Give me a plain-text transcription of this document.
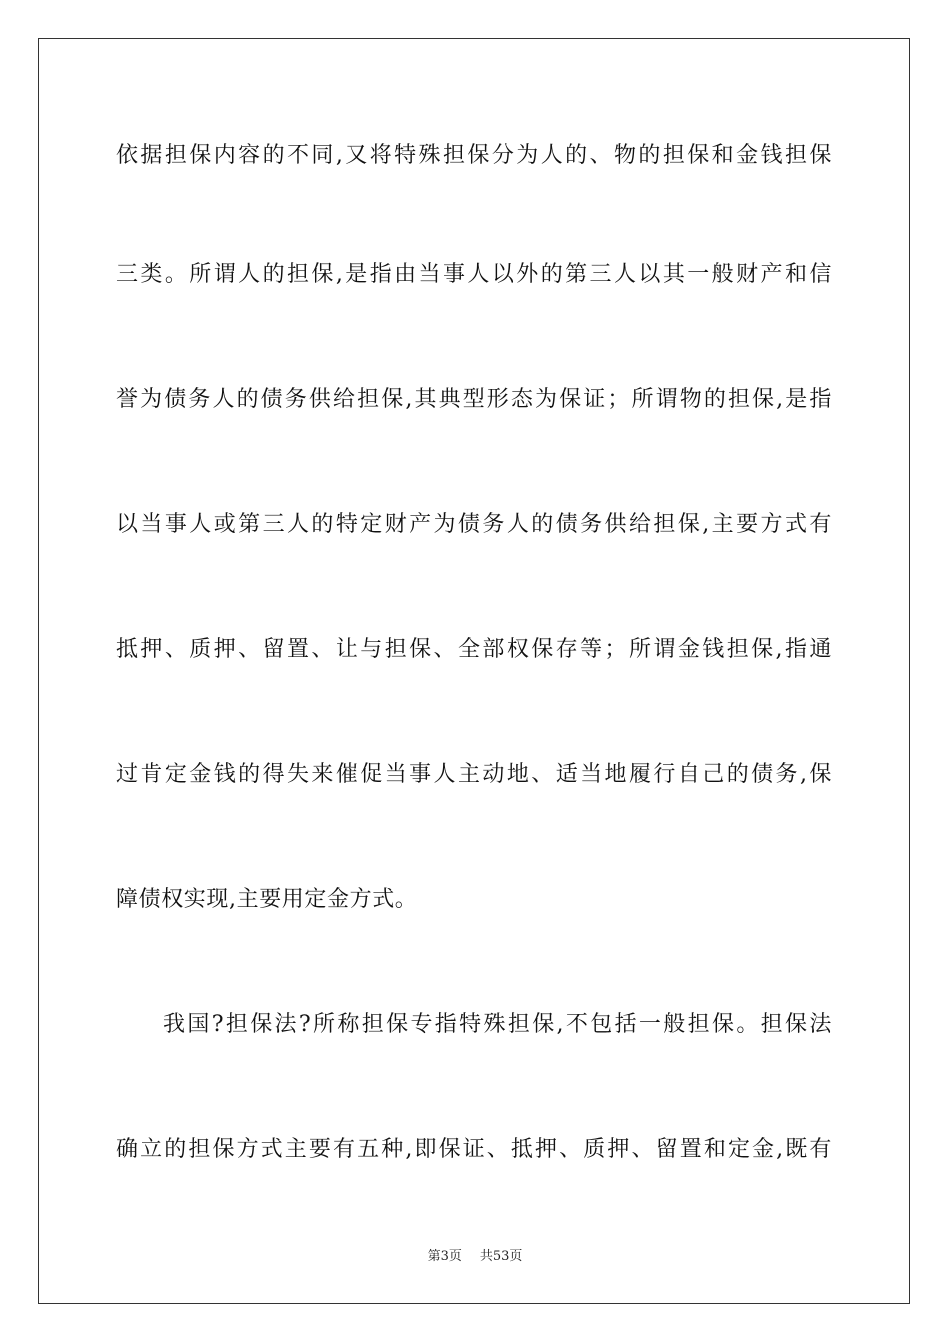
依据担保内容的不同,又将特殊担保分为人的、物的担保和金钱担保
三类。所谓人的担保,是指由当事人以外的第三人以其一般财产和信
誉为债务人的债务供给担保,其典型形态为保证；所谓物的担保,是指
以当事人或第三人的特定财产为债务人的债务供给担保,主要方式有
抵押、质押、留置、让与担保、全部权保存等；所谓金钱担保,指通
过肯定金钱的得失来催促当事人主动地、适当地履行自己的债务,保
障债权实现,主要用定金方式。
我国?担保法?所称担保专指特殊担保,不包括一般担保。担保法
确立的担保方式主要有五种,即保证、抵押、质押、留置和定金,既有
第3页 共53页
